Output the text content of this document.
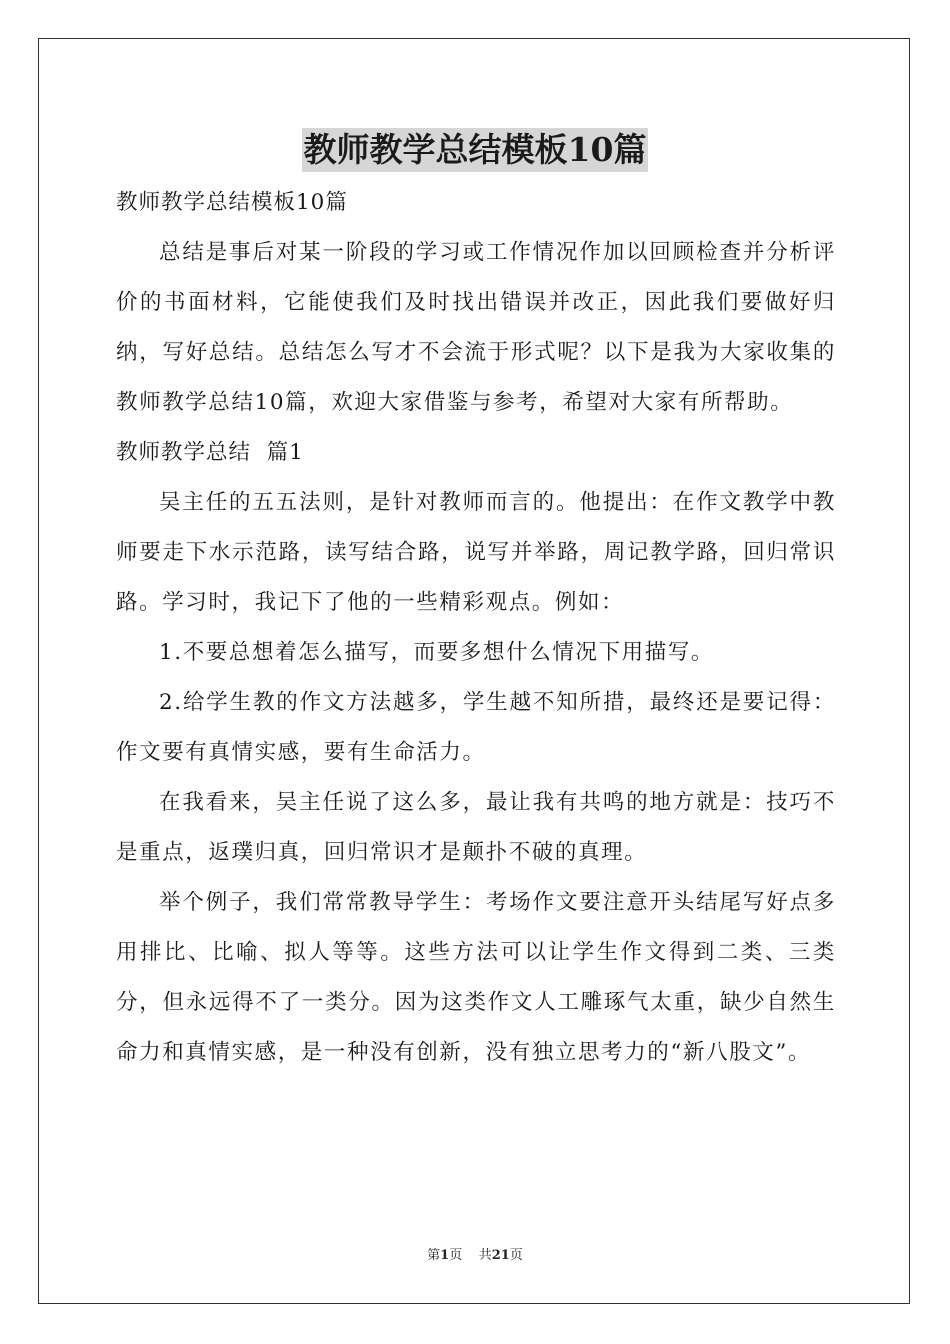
教师教学总结模板10篇

教师教学总结模板10篇

总结是事后对某一阶段的学习或工作情况作加以回顾检查并分析评价的书面材料，它能使我们及时找出错误并改正，因此我们要做好归纳，写好总结。总结怎么写才不会流于形式呢？以下是我为大家收集的教师教学总结10篇，欢迎大家借鉴与参考，希望对大家有所帮助。

教师教学总结  篇1

吴主任的五五法则，是针对教师而言的。他提出：在作文教学中教师要走下水示范路，读写结合路，说写并举路，周记教学路，回归常识路。学习时，我记下了他的一些精彩观点。例如：

1.不要总想着怎么描写，而要多想什么情况下用描写。

2.给学生教的作文方法越多，学生越不知所措，最终还是要记得：作文要有真情实感，要有生命活力。

在我看来，吴主任说了这么多，最让我有共鸣的地方就是：技巧不是重点，返璞归真，回归常识才是颠扑不破的真理。

举个例子，我们常常教导学生：考场作文要注意开头结尾写好点多用排比、比喻、拟人等等。这些方法可以让学生作文得到二类、三类分，但永远得不了一类分。因为这类作文人工雕琢气太重，缺少自然生命力和真情实感，是一种没有创新，没有独立思考力的“新八股文”。

第1页 共21页
